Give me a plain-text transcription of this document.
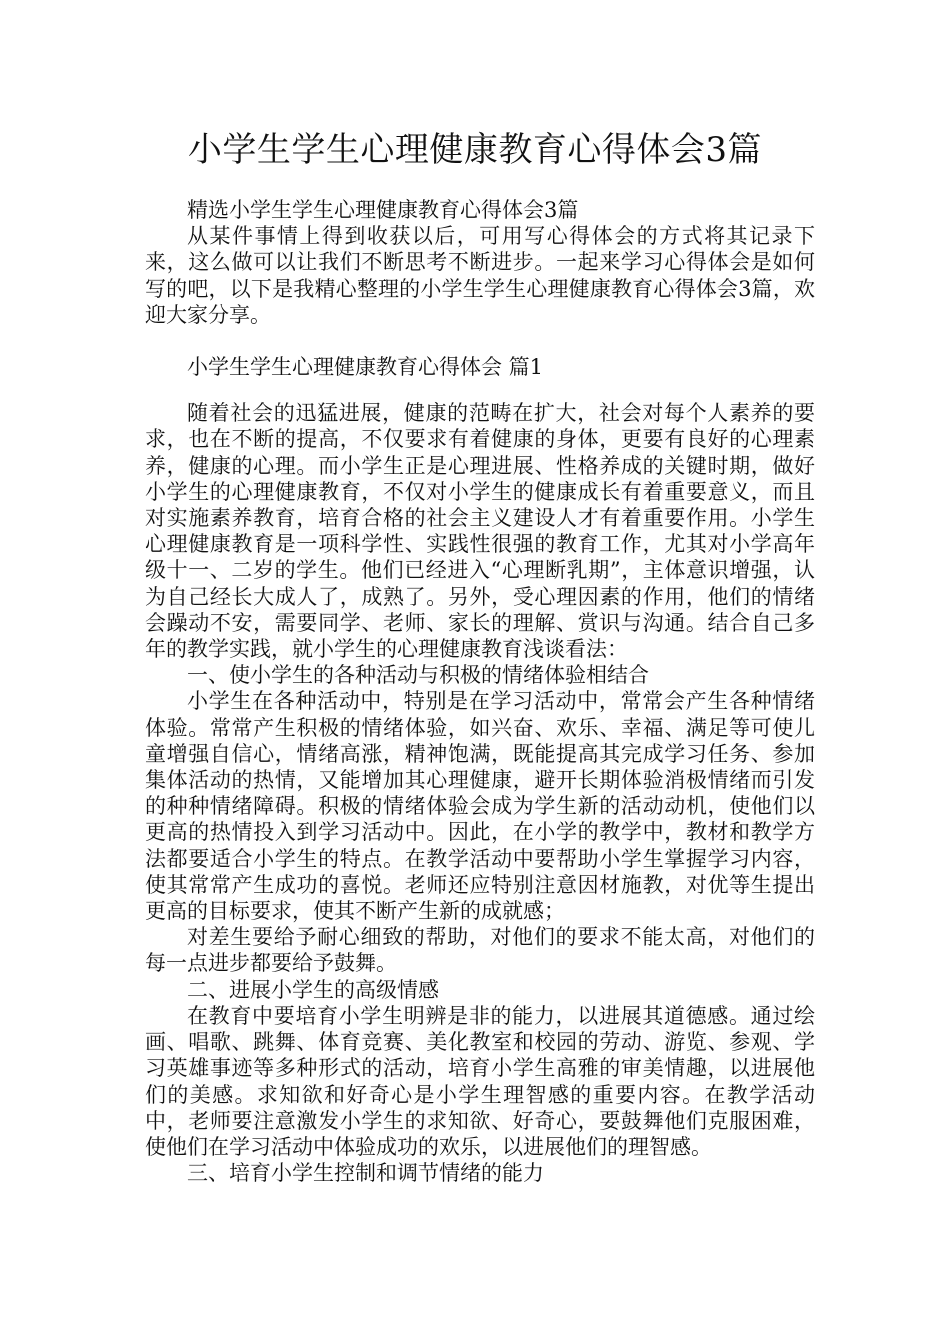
小学生学生心理健康教育心得体会3篇

精选小学生学生心理健康教育心得体会3篇

从某件事情上得到收获以后，可用写心得体会的方式将其记录下来，这么做可以让我们不断思考不断进步。一起来学习心得体会是如何写的吧，以下是我精心整理的小学生学生心理健康教育心得体会3篇，欢迎大家分享。

小学生学生心理健康教育心得体会 篇1

随着社会的迅猛进展，健康的范畴在扩大，社会对每个人素养的要求，也在不断的提高，不仅要求有着健康的身体，更要有良好的心理素养，健康的心理。而小学生正是心理进展、性格养成的关键时期，做好小学生的心理健康教育，不仅对小学生的健康成长有着重要意义，而且对实施素养教育，培育合格的社会主义建设人才有着重要作用。小学生心理健康教育是一项科学性、实践性很强的教育工作，尤其对小学高年级十一、二岁的学生。他们已经进入“心理断乳期”，主体意识增强，认为自己经长大成人了，成熟了。另外，受心理因素的作用，他们的情绪会躁动不安，需要同学、老师、家长的理解、赏识与沟通。结合自己多年的教学实践，就小学生的心理健康教育浅谈看法：

一、使小学生的各种活动与积极的情绪体验相结合

小学生在各种活动中，特别是在学习活动中，常常会产生各种情绪体验。常常产生积极的情绪体验，如兴奋、欢乐、幸福、满足等可使儿童增强自信心，情绪高涨，精神饱满，既能提高其完成学习任务、参加集体活动的热情，又能增加其心理健康，避开长期体验消极情绪而引发的种种情绪障碍。积极的情绪体验会成为学生新的活动动机，使他们以更高的热情投入到学习活动中。因此，在小学的教学中，教材和教学方法都要适合小学生的特点。在教学活动中要帮助小学生掌握学习内容，使其常常产生成功的喜悦。老师还应特别注意因材施教，对优等生提出更高的目标要求，使其不断产生新的成就感；

对差生要给予耐心细致的帮助，对他们的要求不能太高，对他们的每一点进步都要给予鼓舞。

二、进展小学生的高级情感

在教育中要培育小学生明辨是非的能力，以进展其道德感。通过绘画、唱歌、跳舞、体育竞赛、美化教室和校园的劳动、游览、参观、学习英雄事迹等多种形式的活动，培育小学生高雅的审美情趣，以进展他们的美感。求知欲和好奇心是小学生理智感的重要内容。在教学活动中，老师要注意激发小学生的求知欲、好奇心，要鼓舞他们克服困难，使他们在学习活动中体验成功的欢乐，以进展他们的理智感。

三、培育小学生控制和调节情绪的能力
